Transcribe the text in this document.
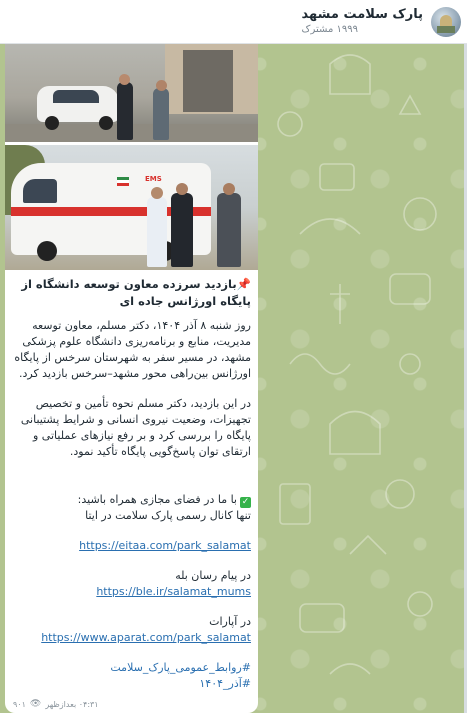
پارک سلامت مشهد
۱۹۹۹ مشترک
EMS
📌بازدید سرزده معاون توسعه دانشگاه از پایگاه اورژانس جاده ای
روز شنبه ۸ آذر ۱۴۰۴، دکتر مسلم، معاون توسعه مدیریت، منابع و برنامه‌ریزی دانشگاه علوم پزشکی مشهد، در مسیر سفر به شهرستان سرخس از پایگاه اورژانس بین‌راهی محور مشهد–سرخس بازدید کرد.
در این بازدید، دکتر مسلم نحوه تأمین و تخصیص تجهیزات، وضعیت نیروی انسانی و شرایط پشتیبانی پایگاه را بررسی کرد و بر رفع نیازهای عملیاتی و ارتقای توان پاسخ‌گویی پایگاه تأکید نمود.
✓با ما در فضای مجازی همراه باشید:
تنها کانال رسمی پارک سلامت در ایتا
https://eitaa.com/park_salamat
در پیام رسان بله
https://ble.ir/salamat_mums
در آپارات
https://www.aparat.com/park_salamat
#روابط_عمومی_پارک_سلامت
#آذر_۱۴۰۴
۰۴:۳۱ بعدازظهر
👁
۹۰۱
